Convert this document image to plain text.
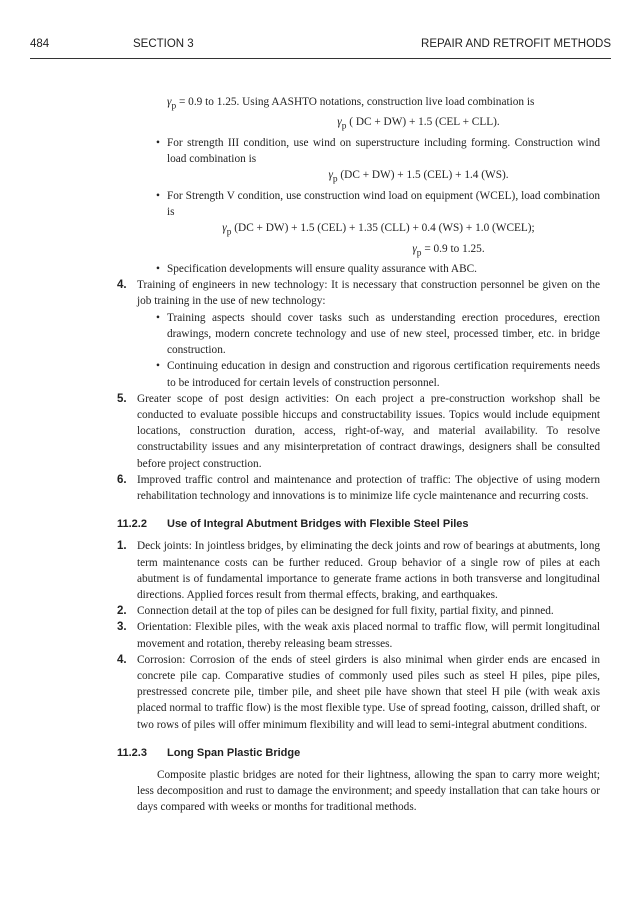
484	SECTION 3	REPAIR AND RETROFIT METHODS

$\gamma_p = 0.9$ to 1.25. Using AASHTO notations, construction live load combination is

$\gamma_p$ ( DC + DW) + 1.5 (CEL + CLL).

• For strength III condition, use wind on superstructure including forming. Construction wind load combination is

$\gamma_p$ (DC + DW) + 1.5 (CEL) + 1.4 (WS).

• For Strength V condition, use construction wind load on equipment (WCEL), load combination is

$\gamma_p$ (DC + DW) + 1.5 (CEL) + 1.35 (CLL) + 0.4 (WS) + 1.0 (WCEL);

$\gamma_p = 0.9$ to 1.25.

• Specification developments will ensure quality assurance with ABC.

4. Training of engineers in new technology: It is necessary that construction personnel be given on the job training in the use of new technology:

• Training aspects should cover tasks such as understanding erection procedures, erection drawings, modern concrete technology and use of new steel, processed timber, etc. in bridge construction.

• Continuing education in design and construction and rigorous certification requirements needs to be introduced for certain levels of construction personnel.

5. Greater scope of post design activities: On each project a pre-construction workshop shall be conducted to evaluate possible hiccups and constructability issues. Topics would include equipment locations, construction duration, access, right-of-way, and material availability. To resolve constructability issues and any misinterpretation of contract drawings, designers shall be consulted before project construction.

6. Improved traffic control and maintenance and protection of traffic: The objective of using modern rehabilitation technology and innovations is to minimize life cycle maintenance and recurring costs.

11.2.2 Use of Integral Abutment Bridges with Flexible Steel Piles
1. Deck joints: In jointless bridges, by eliminating the deck joints and row of bearings at abutments, long term maintenance costs can be further reduced. Group behavior of a single row of piles at each abutment is of fundamental importance to generate frame actions in both transverse and longitudinal directions. Applied forces result from thermal effects, braking, and earthquakes.

2. Connection detail at the top of piles can be designed for full fixity, partial fixity, and pinned.

3. Orientation: Flexible piles, with the weak axis placed normal to traffic flow, will permit longitudinal movement and rotation, thereby releasing beam stresses.

4. Corrosion: Corrosion of the ends of steel girders is also minimal when girder ends are encased in concrete pile cap. Comparative studies of commonly used piles such as steel H piles, pipe piles, prestressed concrete pile, timber pile, and sheet pile have shown that steel H pile (with weak axis placed normal to traffic flow) is the most flexible type. Use of spread footing, caisson, drilled shaft, or two rows of piles will offer minimum flexibility and will lead to semi-integral abutment conditions.

11.2.3 Long Span Plastic Bridge

Composite plastic bridges are noted for their lightness, allowing the span to carry more weight; less decomposition and rust to damage the environment; and speedy installation that can take hours or days compared with weeks or months for traditional methods.
